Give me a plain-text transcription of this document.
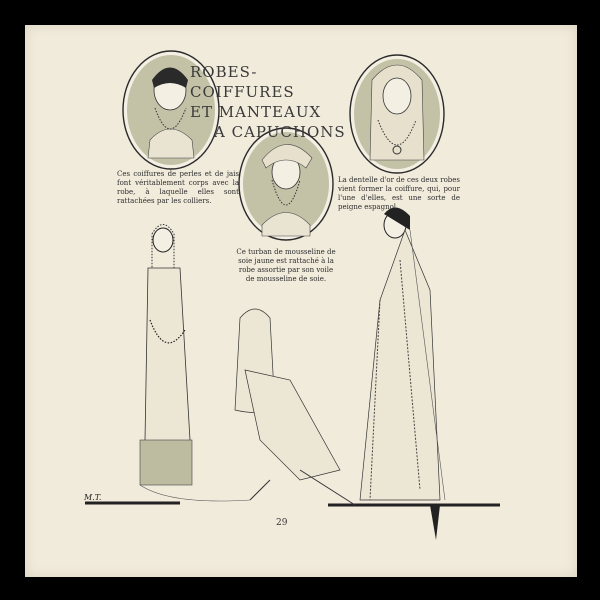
ROBES-COIFFURES
ET MANTEAUX
A CAPUCHONS
Ces coiffures de perles et de jais font véritablement corps avec la robe, à laquelle elles sont rattachées par les colliers.
La dentelle d'or de ces deux robes vient former la coiffure, qui, pour l'une d'elles, est une sorte de peigne espagnol.
Ce turban de mousseline de soie jaune est rattaché à la robe assortie par son voile de mousseline de soie.
M.T.
29
